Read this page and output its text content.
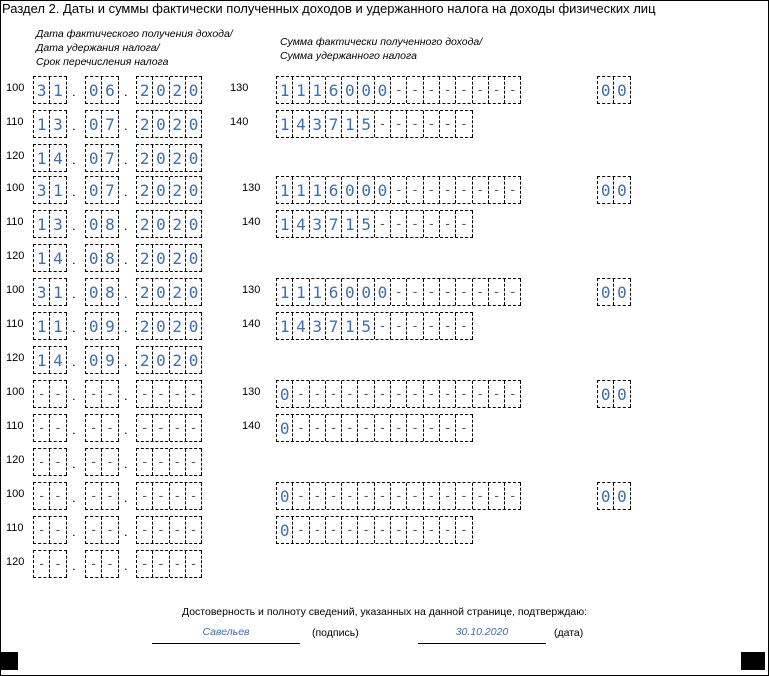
Раздел 2. Даты и суммы фактически полученных доходов и удержанного налога на доходы физических лиц
Дата фактического получения дохода/
Дата удержания налога/
Срок перечисления налога
Сумма фактически полученного дохода/
Сумма удержанного налога
100 3 1 . 0 6 . 2 0 2 0	130	1 1 1 6 0 0 0 - - - - - - - -	0 0
110 1 3 . 0 7 . 2 0 2 0	140	1 4 3 7 1 5 - - - - - -
120 1 4 . 0 7 . 2 0 2 0
100 3 1 . 0 7 . 2 0 2 0	130	1 1 1 6 0 0 0 - - - - - - - -	0 0
110 1 3 . 0 8 . 2 0 2 0	140	1 4 3 7 1 5 - - - - - -
120 1 4 . 0 8 . 2 0 2 0
100 3 1 . 0 8 . 2 0 2 0	130	1 1 1 6 0 0 0 - - - - - - - -	0 0
110 1 1 . 0 9 . 2 0 2 0	140	1 4 3 7 1 5 - - - - - -
120 1 4 . 0 9 . 2 0 2 0
100	- - . - - . - - - -	130	0 - - - - - - - - - - - - - -	0 0
110	- - . - - . - - - -	140	0 - - - - - - - - - - -
120	- - . - - . - - - -
100	- - . - - . - - - -	0 - - - - - - - - - - - - - -	0 0
110	- - . - - . - - - -	0 - - - - - - - - - - -
120	- - . - - . - - - -
Достоверность и полноту сведений, указанных на данной странице, подтверждаю:
Савельев	(подпись)	30.10.2020	(дата)
